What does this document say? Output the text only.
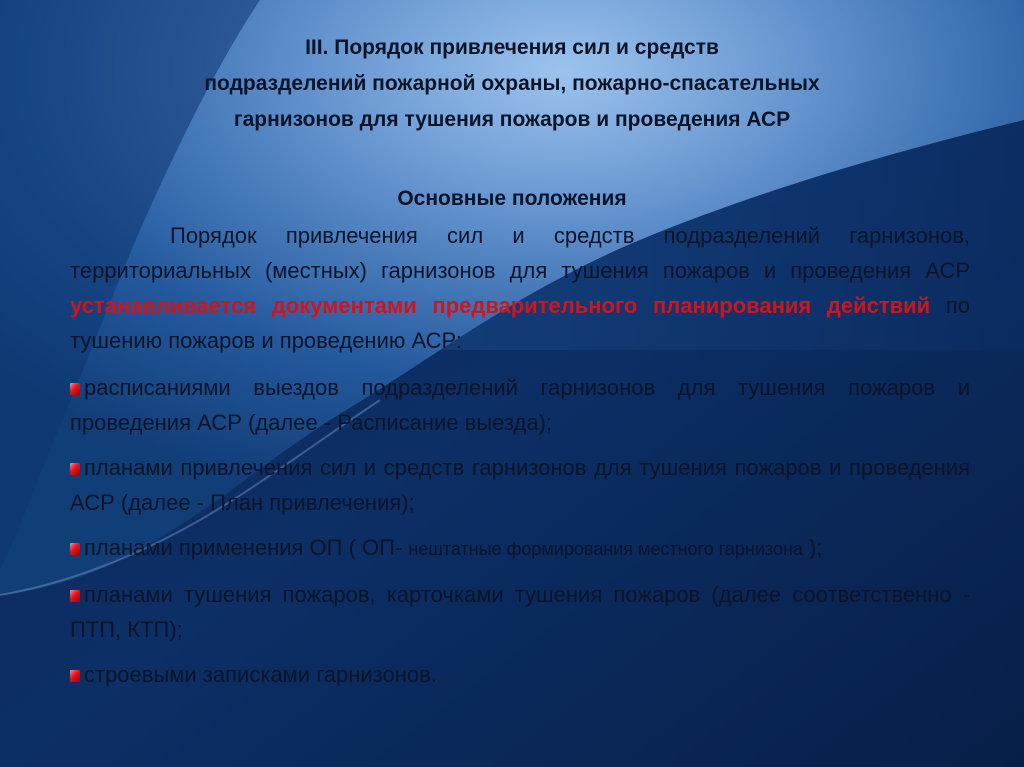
III. Порядок привлечения сил и средств
подразделений пожарной охраны, пожарно-спасательных
гарнизонов для тушения пожаров и проведения АСР
Основные положения

Порядок привлечения сил и средств подразделений гарнизонов, территориальных (местных) гарнизонов для тушения пожаров и проведения АСР устанавливается документами предварительного планирования действий по тушению пожаров и проведению АСР:

расписаниями выездов подразделений гарнизонов для тушения пожаров и проведения АСР (далее - Расписание выезда);
планами привлечения сил и средств гарнизонов для тушения пожаров и проведения АСР (далее - План привлечения);
планами применения ОП ( ОП- нештатные формирования местного гарнизона );
планами тушения пожаров, карточками тушения пожаров (далее соответственно - ПТП, КТП);
строевыми записками гарнизонов.
